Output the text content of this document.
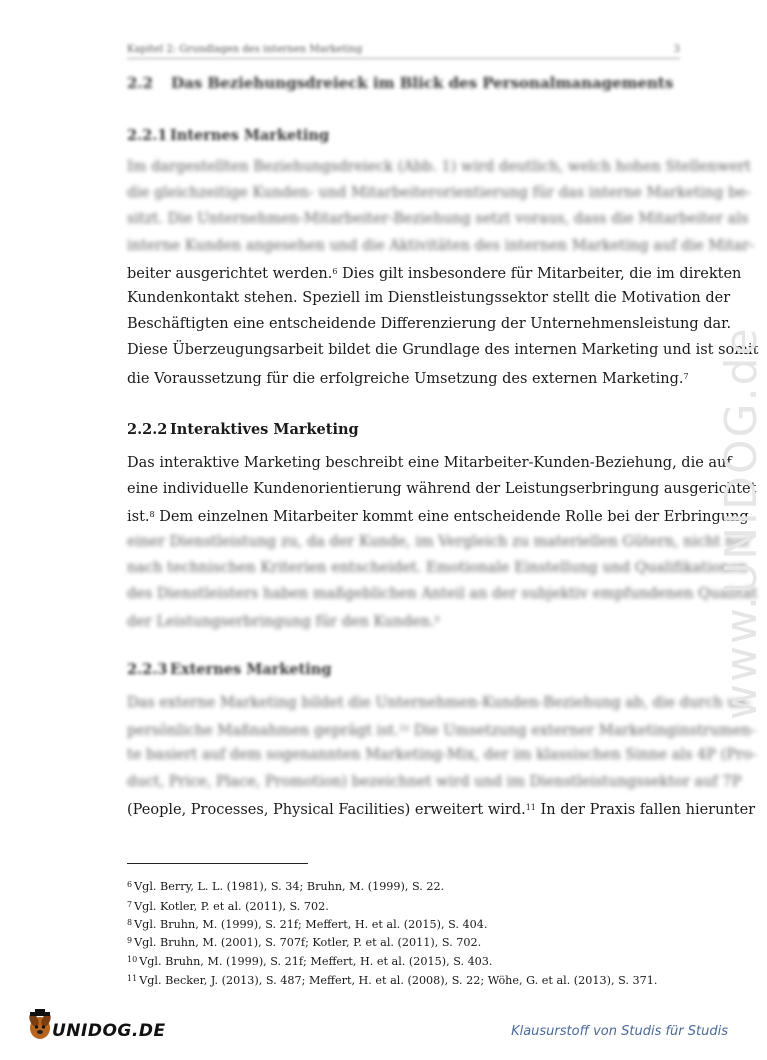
Kapitel 2: Grundlagen des internen Marketing	3
2.2 Das Beziehungsdreieck im Blick des Personalmanagements
2.2.1 Internes Marketing
Im dargestellten Beziehungsdreieck (Abb. 1) wird deutlich, welch hohen Stellenwert
die gleichzeitige Kunden- und Mitarbeiterorientierung für das interne Marketing be-
sitzt. Die Unternehmen-Mitarbeiter-Beziehung setzt voraus, dass die Mitarbeiter als
interne Kunden angesehen und die Aktivitäten des internen Marketing auf die Mitar-
beiter ausgerichtet werden.$^6$ Dies gilt insbesondere für Mitarbeiter, die im direkten
Kundenkontakt stehen. Speziell im Dienstleistungssektor stellt die Motivation der
Beschäftigten eine entscheidende Differenzierung der Unternehmensleistung dar.
Diese Überzeugungsarbeit bildet die Grundlage des internen Marketing und ist somit
die Voraussetzung für die erfolgreiche Umsetzung des externen Marketing.$^7$
2.2.2 Interaktives Marketing
Das interaktive Marketing beschreibt eine Mitarbeiter-Kunden-Beziehung, die auf
eine individuelle Kundenorientierung während der Leistungserbringung ausgerichtet
ist.$^8$ Dem einzelnen Mitarbeiter kommt eine entscheidende Rolle bei der Erbringung
einer Dienstleistung zu, da der Kunde, im Vergleich zu materiellen Gütern, nicht nur
nach technischen Kriterien entscheidet. Emotionale Einstellung und Qualifikationen
des Dienstleisters haben maßgeblichen Anteil an der subjektiv empfundenen Qualität
der Leistungserbringung für den Kunden.$^9$
2.2.3 Externes Marketing
Das externe Marketing bildet die Unternehmen-Kunden-Beziehung ab, die durch un-
persönliche Maßnahmen geprägt ist.$^{10}$ Die Umsetzung externer Marketinginstrumen-
te basiert auf dem sogenannten Marketing-Mix, der im klassischen Sinne als 4P (Pro-
duct, Price, Place, Promotion) bezeichnet wird und im Dienstleistungssektor auf 7P
(People, Processes, Physical Facilities) erweitert wird.$^{11}$ In der Praxis fallen hierunter
$^6$ Vgl. Berry, L. L. (1981), S. 34; Bruhn, M. (1999), S. 22.
$^7$ Vgl. Kotler, P. et al. (2011), S. 702.
$^8$ Vgl. Bruhn, M. (1999), S. 21f; Meffert, H. et al. (2015), S. 404.
$^9$ Vgl. Bruhn, M. (2001), S. 707f; Kotler, P. et al. (2011), S. 702.
$^{10}$ Vgl. Bruhn, M. (1999), S. 21f; Meffert, H. et al. (2015), S. 403.
$^{11}$ Vgl. Becker, J. (2013), S. 487; Meffert, H. et al. (2008), S. 22; Wöhe, G. et al. (2013), S. 371.
www.UNIDOG.de
UNIDOG.DE	Klausurstoff von Studis für Studis
